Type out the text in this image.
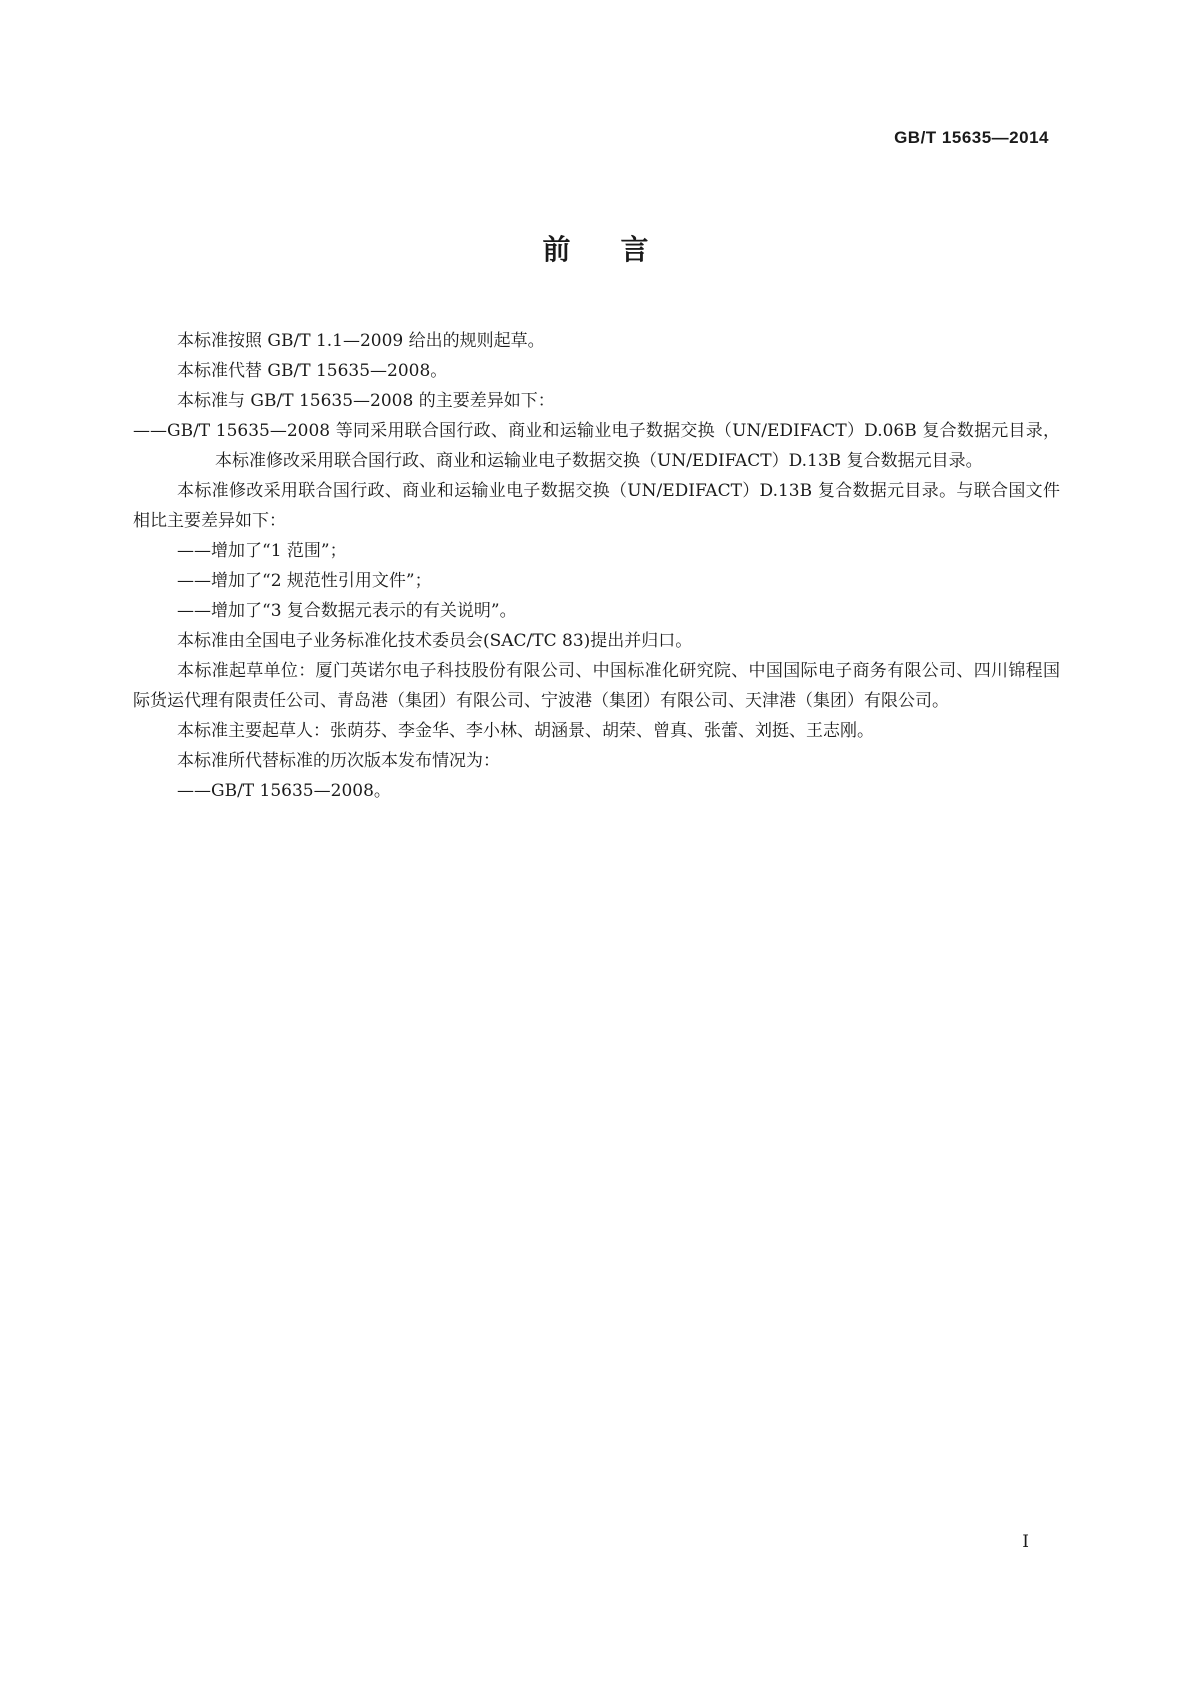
GB/T 15635—2014
前言

本标准按照 GB/T 1.1—2009 给出的规则起草。

本标准代替 GB/T 15635—2008。

本标准与 GB/T 15635—2008 的主要差异如下：

——GB/T 15635—2008 等同采用联合国行政、商业和运输业电子数据交换（UN/EDIFACT）D.06B 复合数据元目录，本标准修改采用联合国行政、商业和运输业电子数据交换（UN/EDIFACT）D.13B 复合数据元目录。

本标准修改采用联合国行政、商业和运输业电子数据交换（UN/EDIFACT）D.13B 复合数据元目录。与联合国文件相比主要差异如下：

——增加了“1 范围”；

——增加了“2 规范性引用文件”；

——增加了“3 复合数据元表示的有关说明”。

本标准由全国电子业务标准化技术委员会(SAC/TC 83)提出并归口。

本标准起草单位：厦门英诺尔电子科技股份有限公司、中国标准化研究院、中国国际电子商务有限公司、四川锦程国际货运代理有限责任公司、青岛港（集团）有限公司、宁波港（集团）有限公司、天津港（集团）有限公司。

本标准主要起草人：张荫芬、李金华、李小林、胡涵景、胡荣、曾真、张蕾、刘挺、王志刚。

本标准所代替标准的历次版本发布情况为：

——GB/T 15635—2008。

I
